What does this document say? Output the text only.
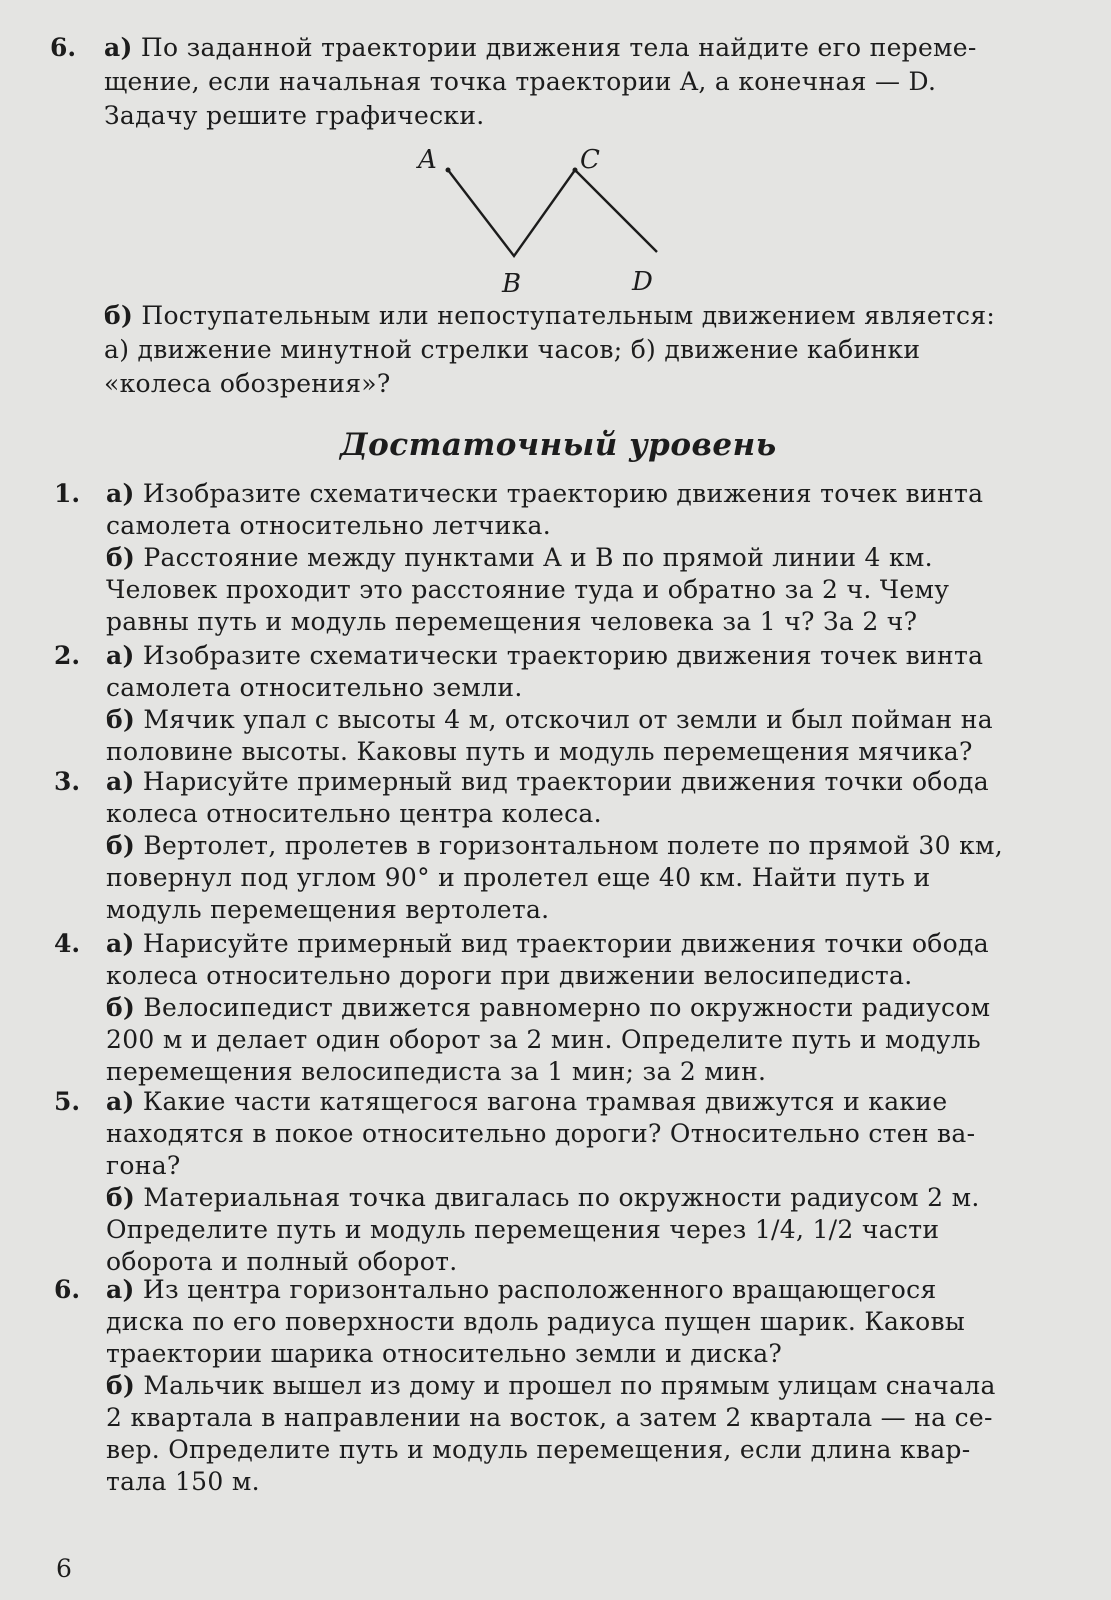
6. а) По заданной траектории движения тела найдите его переме-
щение, если начальная точка траектории A, а конечная — D.
Задачу решите графически.
A
B
C
D
б) Поступательным или непоступательным движением является:
а) движение минутной стрелки часов; б) движение кабинки
«колеса обозрения»?
Достаточный уровень
1. а) Изобразите схематически траекторию движения точек винта
самолета относительно летчика.
б) Расстояние между пунктами A и B по прямой линии 4 км.
Человек проходит это расстояние туда и обратно за 2 ч. Чему
равны путь и модуль перемещения человека за 1 ч? За 2 ч?
2. а) Изобразите схематически траекторию движения точек винта
самолета относительно земли.
б) Мячик упал с высоты 4 м, отскочил от земли и был пойман на
половине высоты. Каковы путь и модуль перемещения мячика?
3. а) Нарисуйте примерный вид траектории движения точки обода
колеса относительно центра колеса.
б) Вертолет, пролетев в горизонтальном полете по прямой 30 км,
повернул под углом 90° и пролетел еще 40 км. Найти путь и
модуль перемещения вертолета.
4. а) Нарисуйте примерный вид траектории движения точки обода
колеса относительно дороги при движении велосипедиста.
б) Велосипедист движется равномерно по окружности радиусом
200 м и делает один оборот за 2 мин. Определите путь и модуль
перемещения велосипедиста за 1 мин; за 2 мин.
5. а) Какие части катящегося вагона трамвая движутся и какие
находятся в покое относительно дороги? Относительно стен ва-
гона?
б) Материальная точка двигалась по окружности радиусом 2 м.
Определите путь и модуль перемещения через 1/4, 1/2 части
оборота и полный оборот.
6. а) Из центра горизонтально расположенного вращающегося
диска по его поверхности вдоль радиуса пущен шарик. Каковы
траектории шарика относительно земли и диска?
б) Мальчик вышел из дому и прошел по прямым улицам сначала
2 квартала в направлении на восток, а затем 2 квартала — на се-
вер. Определите путь и модуль перемещения, если длина квар-
тала 150 м.
6
